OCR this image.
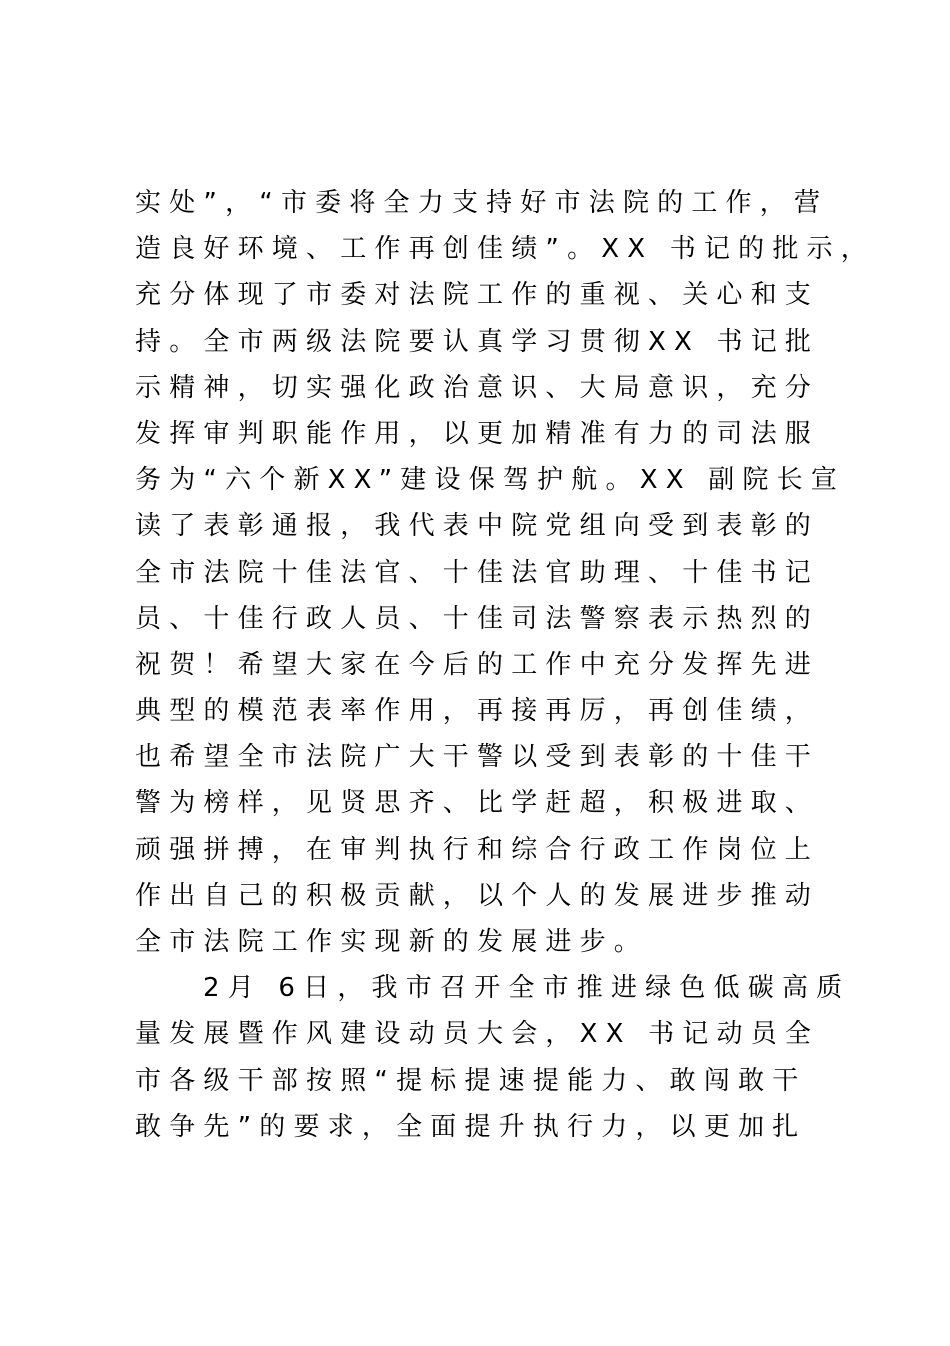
实处”，“市委将全力支持好市法院的工作，营
造良好环境、工作再创佳绩”。XX 书记的批示，
充分体现了市委对法院工作的重视、关心和支
持。全市两级法院要认真学习贯彻XX 书记批
示精神，切实强化政治意识、大局意识，充分
发挥审判职能作用，以更加精准有力的司法服
务为“六个新XX”建设保驾护航。XX 副院长宣
读了表彰通报，我代表中院党组向受到表彰的
全市法院十佳法官、十佳法官助理、十佳书记
员、十佳行政人员、十佳司法警察表示热烈的
祝贺！希望大家在今后的工作中充分发挥先进
典型的模范表率作用，再接再厉，再创佳绩，
也希望全市法院广大干警以受到表彰的十佳干
警为榜样，见贤思齐、比学赶超，积极进取、
顽强拼搏，在审判执行和综合行政工作岗位上
作出自己的积极贡献，以个人的发展进步推动
全市法院工作实现新的发展进步。
2月 6日，我市召开全市推进绿色低碳高质
量发展暨作风建设动员大会，XX 书记动员全
市各级干部按照“提标提速提能力、敢闯敢干
敢争先”的要求，全面提升执行力，以更加扎
